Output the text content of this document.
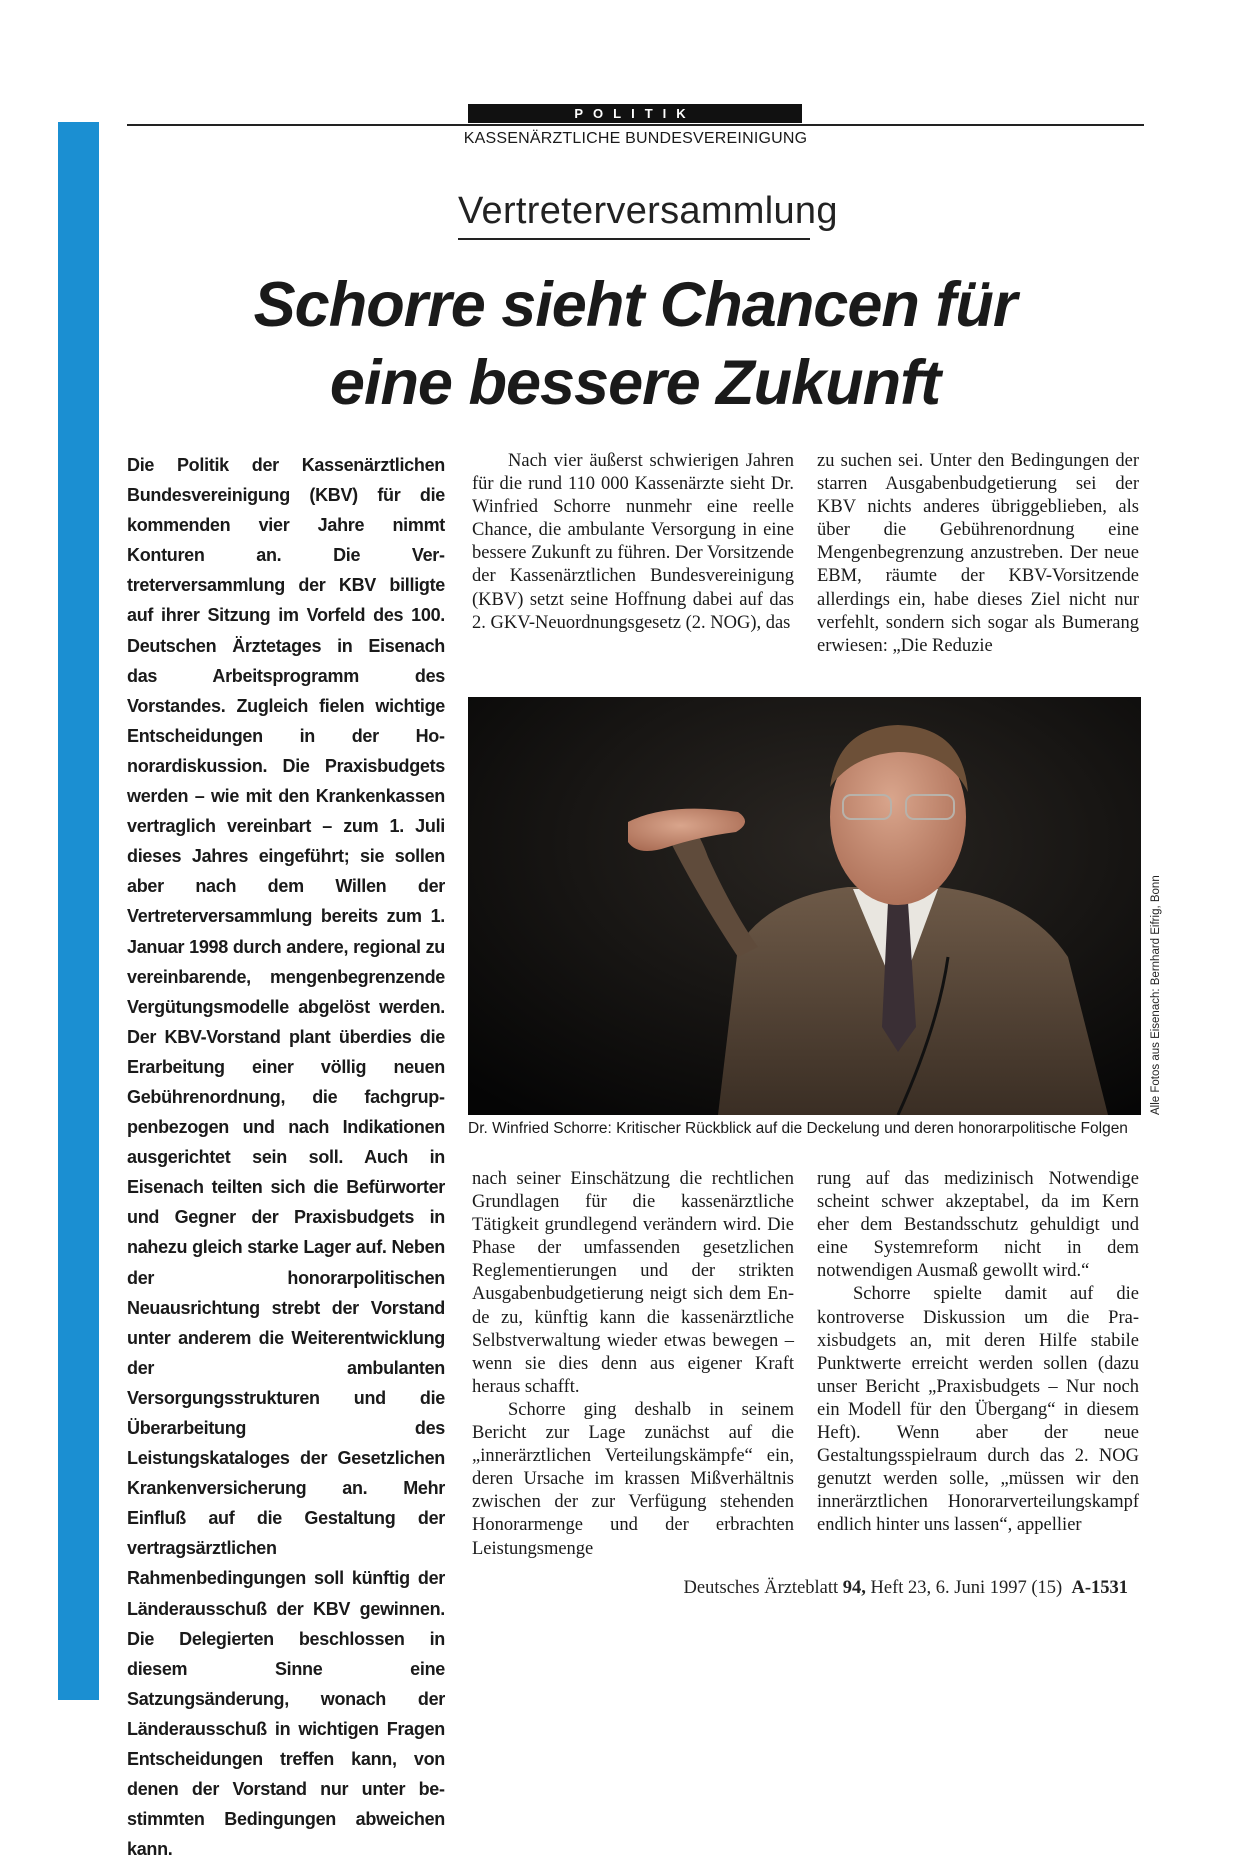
POLITIK
KASSENÄRZTLICHE BUNDESVEREINIGUNG
Vertreterversammlung
Schorre sieht Chancen für
eine bessere Zukunft

Die Politik der Kassenärztlichen Bundesvereinigung (KBV) für die kommenden vier Jahre nimmt Konturen an. Die Vertreterversammlung der KBV billigte auf ihrer Sitzung im Vorfeld des 100. Deutschen Ärztetages in Eisenach das Arbeitsprogramm des Vorstandes. Zugleich fielen wichtige Entscheidungen in der Honorardiskussion. Die Praxisbudgets werden – wie mit den Krankenkassen vertraglich vereinbart – zum 1. Juli dieses Jahres eingeführt; sie sollen aber nach dem Willen der Vertreterversammlung bereits zum 1. Januar 1998 durch andere, regional zu vereinbarende, mengenbegrenzende Vergütungsmodelle abgelöst werden. Der KBV-Vorstand plant überdies die Erarbeitung einer völlig neuen Gebührenordnung, die fachgruppenbezogen und nach Indikationen ausgerichtet sein soll. Auch in Eisenach teilten sich die Befürworter und Gegner der Praxisbudgets in nahezu gleich starke Lager auf. Neben der honorarpolitischen Neuausrichtung strebt der Vorstand unter anderem die Weiterentwicklung der ambulanten Versorgungsstrukturen und die Überarbeitung des Leistungskataloges der Gesetzlichen Krankenversicherung an. Mehr Einfluß auf die Gestaltung der vertragsärztlichen Rahmenbedingungen soll künftig der Länderausschuß der KBV gewinnen. Die Delegierten beschlossen in diesem Sinne eine Satzungsänderung, wonach der Länderausschuß in wichtigen Fragen Entscheidungen treffen kann, von denen der Vorstand nur unter bestimmten Bedingungen abweichen kann.

Nach vier äußerst schwierigen Jahren für die rund 110 000 Kassenärzte sieht Dr. Winfried Schorre nunmehr eine reelle Chance, die ambulante Versorgung in eine bessere Zukunft zu führen. Der Vorsitzende der Kassenärztlichen Bundesvereinigung (KBV) setzt seine Hoffnung dabei auf das 2. GKV-Neuordnungsgesetz (2. NOG), das

zu suchen sei. Unter den Bedingungen der starren Ausgabenbudgetierung sei der KBV nichts anderes übriggeblieben, als über die Gebührenordnung eine Mengenbegrenzung anzustreben. Der neue EBM, räumte der KBV-Vorsitzende allerdings ein, habe dieses Ziel nicht nur verfehlt, sondern sich sogar als Bumerang erwiesen: „Die Reduzie

Alle Fotos aus Eisenach: Bernhard Eifrig, Bonn
Dr. Winfried Schorre: Kritischer Rückblick auf die Deckelung und deren honorarpolitische Folgen
nach seiner Einschätzung die rechtlichen Grundlagen für die kassenärztliche Tätigkeit grundlegend verändern wird. Die Phase der umfassenden gesetzlichen Reglementierungen und der strikten Ausgabenbudgetierung neigt sich dem Ende zu, künftig kann die kassenärztliche Selbstverwaltung wieder etwas bewegen – wenn sie dies denn aus eigener Kraft heraus schafft.
Schorre ging deshalb in seinem Bericht zur Lage zunächst auf die „innerärztlichen Verteilungskämpfe“ ein, deren Ursache im krassen Mißverhältnis zwischen der zur Verfügung stehenden Honorarmenge und der erbrachten Leistungsmenge
rung auf das medizinisch Notwendige scheint schwer akzeptabel, da im Kern eher dem Bestandsschutz gehuldigt und eine Systemreform nicht in dem notwendigen Ausmaß gewollt wird.“
Schorre spielte damit auf die kontroverse Diskussion um die Praxisbudgets an, mit deren Hilfe stabile Punktwerte erreicht werden sollen (dazu unser Bericht „Praxisbudgets – Nur noch ein Modell für den Übergang“ in diesem Heft). Wenn aber der neue Gestaltungsspielraum durch das 2. NOG genutzt werden solle, „müssen wir den innerärztlichen Honorarverteilungskampf endlich hinter uns lassen“, appellier
Deutsches Ärzteblatt 94, Heft 23, 6. Juni 1997 (15) A-1531
